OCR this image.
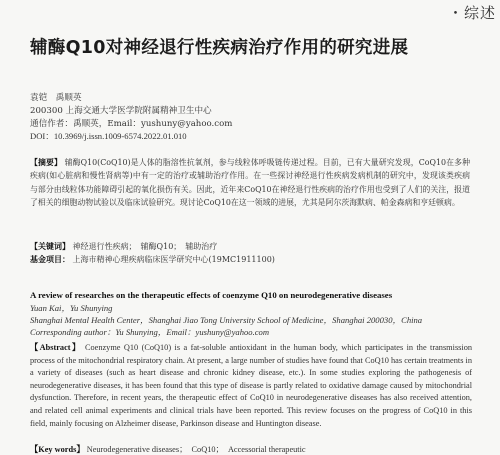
・综述
辅酶Q10对神经退行性疾病治疗作用的研究进展
袁铠　禹顺英
200300 上海交通大学医学院附属精神卫生中心
通信作者：禹顺英，Email：yushuny@yahoo.com
DOI：10.3969/j.issn.1009-6574.2022.01.010
【摘要】 辅酶Q10(CoQ10)是人体的脂溶性抗氧剂，参与线粒体呼吸链传递过程。目前，已有大量研究发现，CoQ10在多种疾病(如心脏病和慢性肾病等)中有一定的治疗或辅助治疗作用。在一些探讨神经退行性疾病发病机制的研究中，发现该类疾病与部分由线粒体功能障碍引起的氧化损伤有关。因此，近年来CoQ10在神经退行性疾病的治疗作用也受到了人们的关注，报道了相关的细胞动物试验以及临床试验研究。现讨论CoQ10在这一领域的进展，尤其是阿尔茨海默病、帕金森病和亨廷顿病。
【关键词】 神经退行性疾病；　辅酶Q10；　辅助治疗
基金项目： 上海市精神心理疾病临床医学研究中心(19MC1911100)
A review of researches on the therapeutic effects of coenzyme Q10 on neurodegenerative diseases
Yuan Kai，Yu Shunying
Shanghai Mental Health Center，Shanghai Jiao Tong University School of Medicine，Shanghai 200030，China
Corresponding author：Yu Shunying，Email：yushuny@yahoo.com
【Abstract】 Coenzyme Q10 (CoQ10) is a fat-soluble antioxidant in the human body, which participates in the transmission process of the mitochondrial respiratory chain. At present, a large number of studies have found that CoQ10 has certain treatments in a variety of diseases (such as heart disease and chronic kidney disease, etc.). In some studies exploring the pathogenesis of neurodegenerative diseases, it has been found that this type of disease is partly related to oxidative damage caused by mitochondrial dysfunction. Therefore, in recent years, the therapeutic effect of CoQ10 in neurodegenerative diseases has also received attention, and related cell animal experiments and clinical trials have been reported. This review focuses on the progress of CoQ10 in this field, mainly focusing on Alzheimer disease, Parkinson disease and Huntington disease.
【Key words】 Neurodegenerative diseases；　CoQ10；　Accessorial therapeutic
